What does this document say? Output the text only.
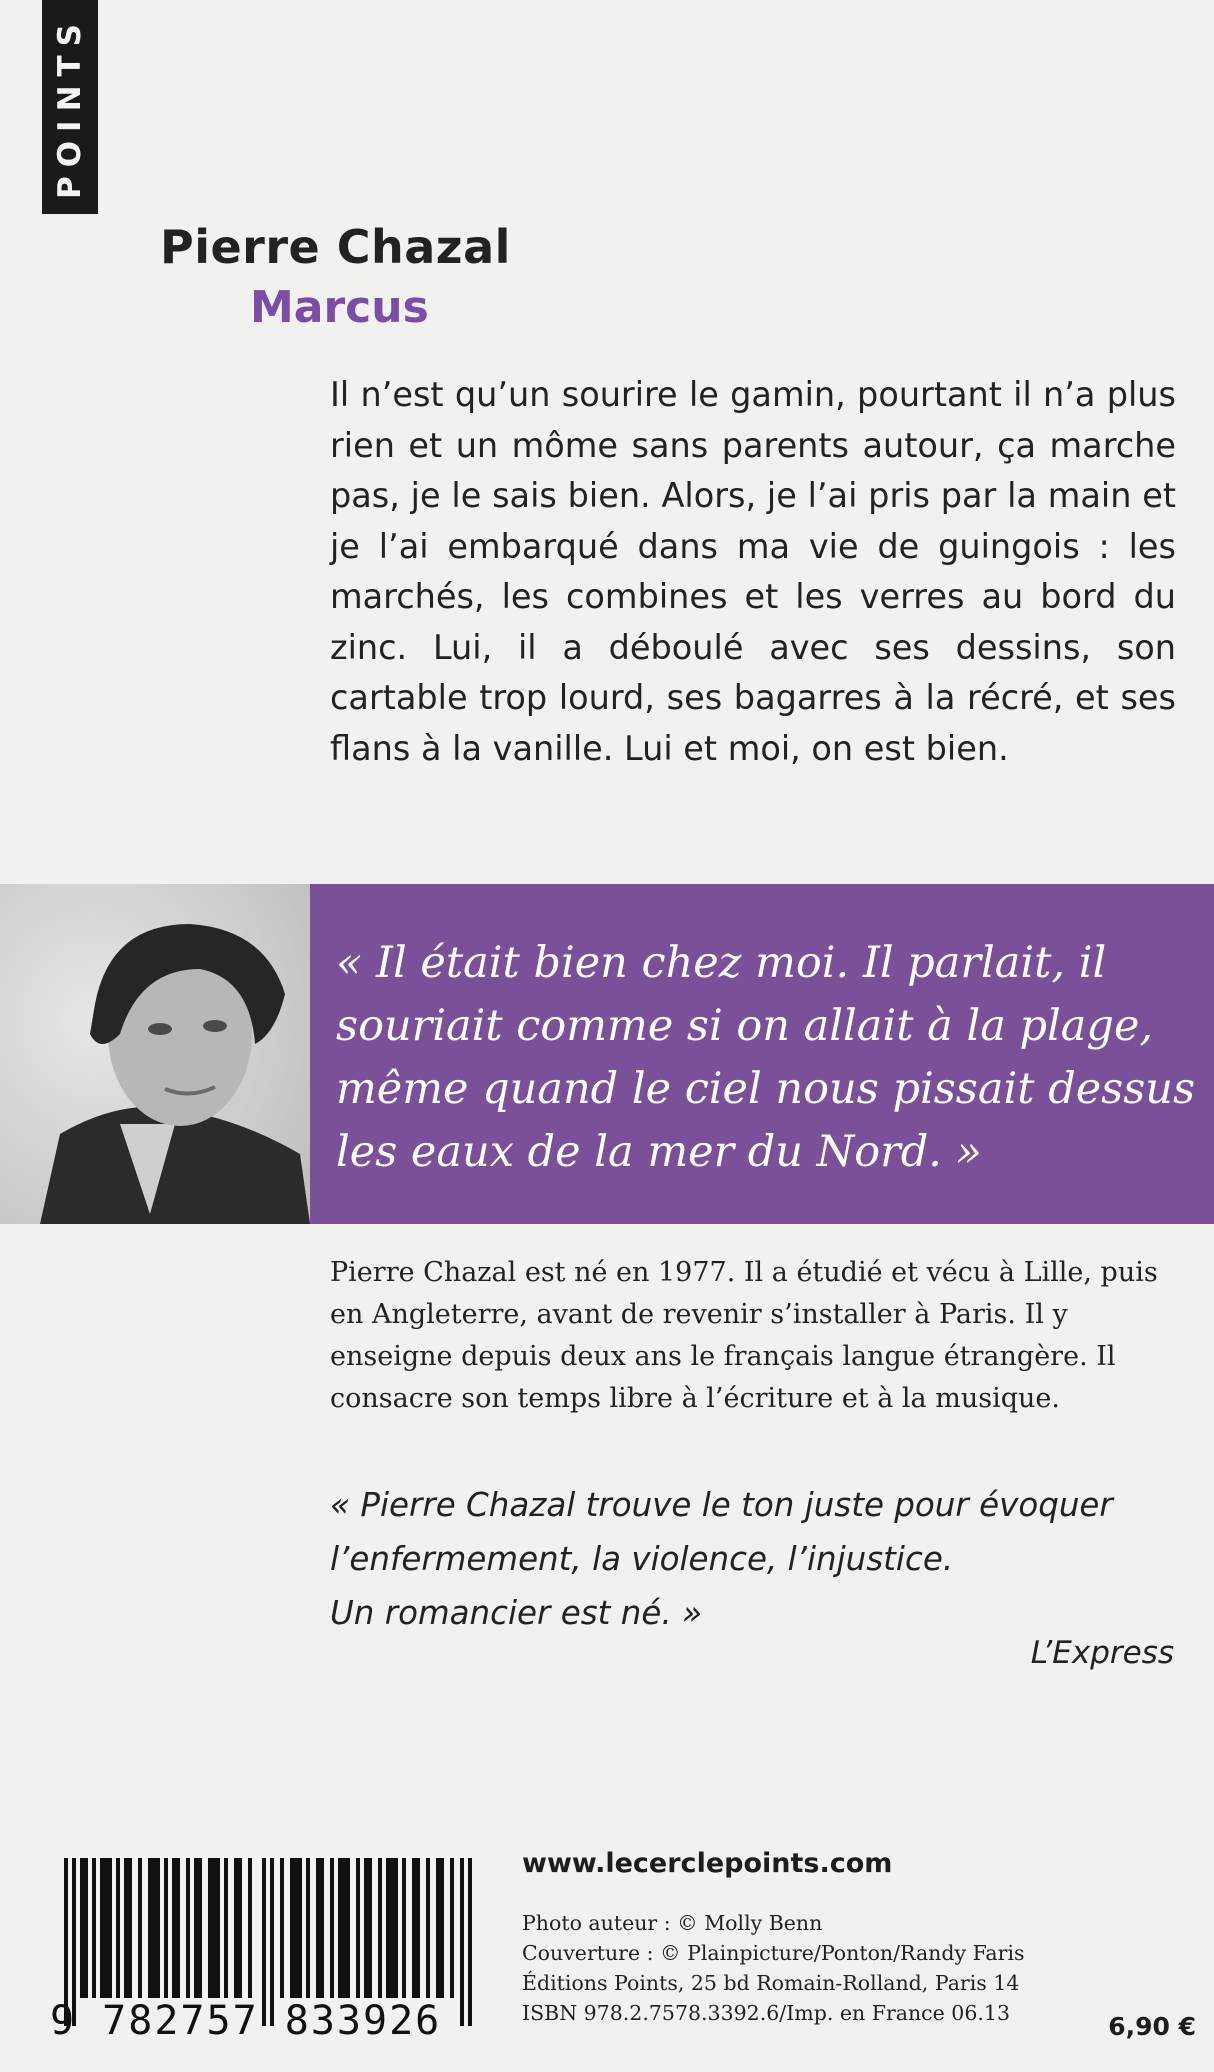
POINTS
Pierre Chazal
Marcus

Il n’est qu’un sourire le gamin, pourtant il n’a plus rien et un môme sans parents autour, ça marche pas, je le sais bien. Alors, je l’ai pris par la main et je l’ai embarqué dans ma vie de guingois : les marchés, les combines et les verres au bord du zinc. Lui, il a déboulé avec ses dessins, son cartable trop lourd, ses bagarres à la récré, et ses flans à la vanille. Lui et moi, on est bien.

« Il était bien chez moi. Il parlait, il souriait comme si on allait à la plage, même quand le ciel nous pissait dessus les eaux de la mer du Nord. »

Pierre Chazal est né en 1977. Il a étudié et vécu à Lille, puis en Angleterre, avant de revenir s’installer à Paris. Il y enseigne depuis deux ans le français langue étrangère. Il consacre son temps libre à l’écriture et à la musique.

« Pierre Chazal trouve le ton juste pour évoquer
l’enfermement, la violence, l’injustice.
Un romancier est né. »
L’Express
9 782757 833926
www.lecerclepoints.com
Photo auteur : © Molly Benn
Couverture : © Plainpicture/Ponton/Randy Faris
Éditions Points, 25 bd Romain-Rolland, Paris 14
ISBN 978.2.7578.3392.6/Imp. en France 06.13	6,90 €
